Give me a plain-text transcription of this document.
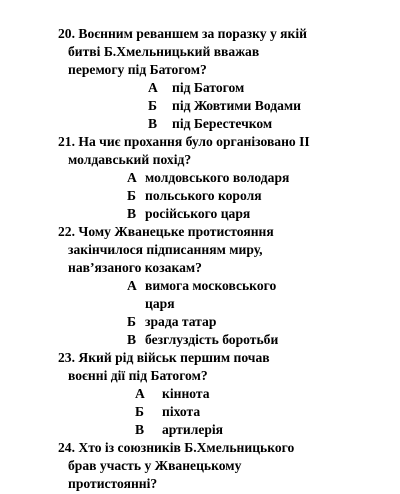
20. Воєнним реваншем за поразку у якій
битві Б.Хмельницький вважав
перемогу під Батогом?
А під Батогом
Б під Жовтими Водами
В під Берестечком
21. На чиє прохання було організовано II
молдавський похід?
А молдовського володаря
Б польського короля
В російського царя
22. Чому Жванецьке протистояння
закінчилося підписанням миру,
нав’язаного козакам?
А вимога московського
царя
Б зрада татар
В безглуздість боротьби
23. Який рід військ першим почав
воєнні дії під Батогом?
А кіннота
Б піхота
В артилерія
24. Хто із союзників Б.Хмельницького
брав участь у Жванецькому
протистоянні?
